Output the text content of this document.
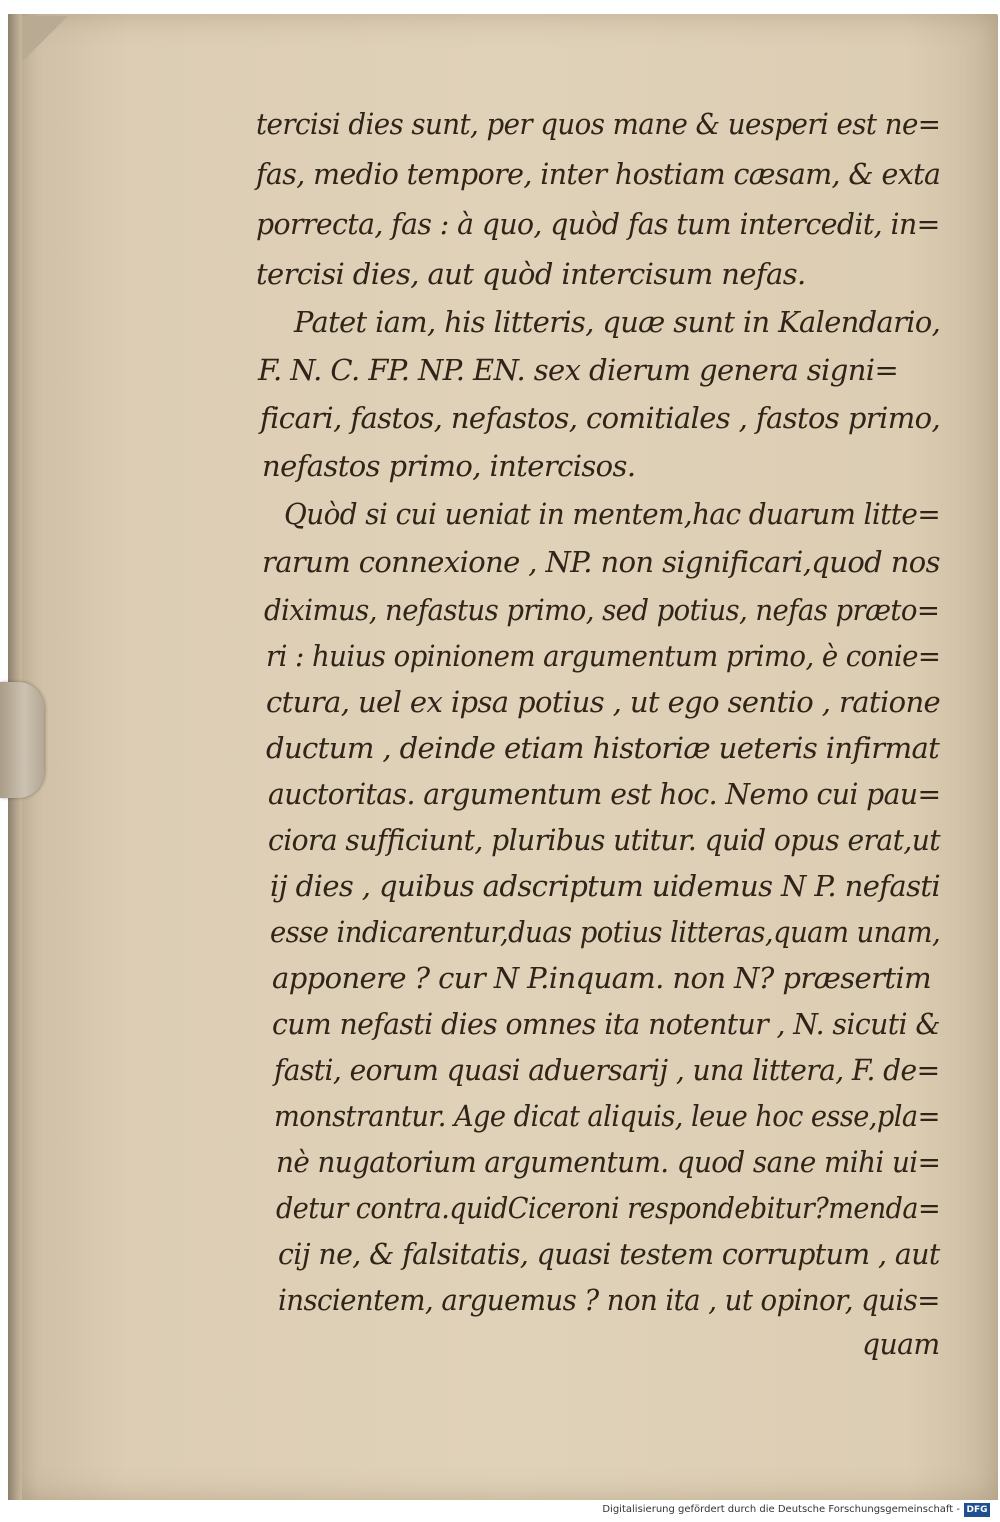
tercisi dies sunt, per quos mane & uesperi est ne=
fas, medio tempore, inter hostiam cæsam, & exta
porrecta, fas : à quo, quòd fas tum intercedit, in=
tercisi dies, aut quòd intercisum nefas.
Patet iam, his litteris, quæ sunt in Kalendario,
F. N. C. FP. NP. EN. sex dierum genera signi=
ficari, fastos, nefastos, comitiales , fastos primo,
nefastos primo, intercisos.
Quòd si cui ueniat in mentem,hac duarum litte=
rarum connexione , NP. non significari,quod nos
diximus, nefastus primo, sed potius, nefas præto=
ri : huius opinionem argumentum primo, è conie=
ctura, uel ex ipsa potius , ut ego sentio , ratione
ductum , deinde etiam historiæ ueteris infirmat
auctoritas. argumentum est hoc. Nemo cui pau=
ciora sufficiunt, pluribus utitur. quid opus erat,ut
ij dies , quibus adscriptum uidemus N P. nefasti
esse indicarentur,duas potius litteras,quam unam,
apponere ? cur N P.inquam. non N? præsertim
cum nefasti dies omnes ita notentur , N. sicuti &
fasti, eorum quasi aduersarij , una littera, F. de=
monstrantur. Age dicat aliquis, leue hoc esse,pla=
nè nugatorium argumentum. quod sane mihi ui=
detur contra.quidCiceroni respondebitur?menda=
cij ne, & falsitatis, quasi testem corruptum , aut
inscientem, arguemus ? non ita , ut opinor, quis=
quam
Digitalisierung gefördert durch die Deutsche Forschungsgemeinschaft - DFG
